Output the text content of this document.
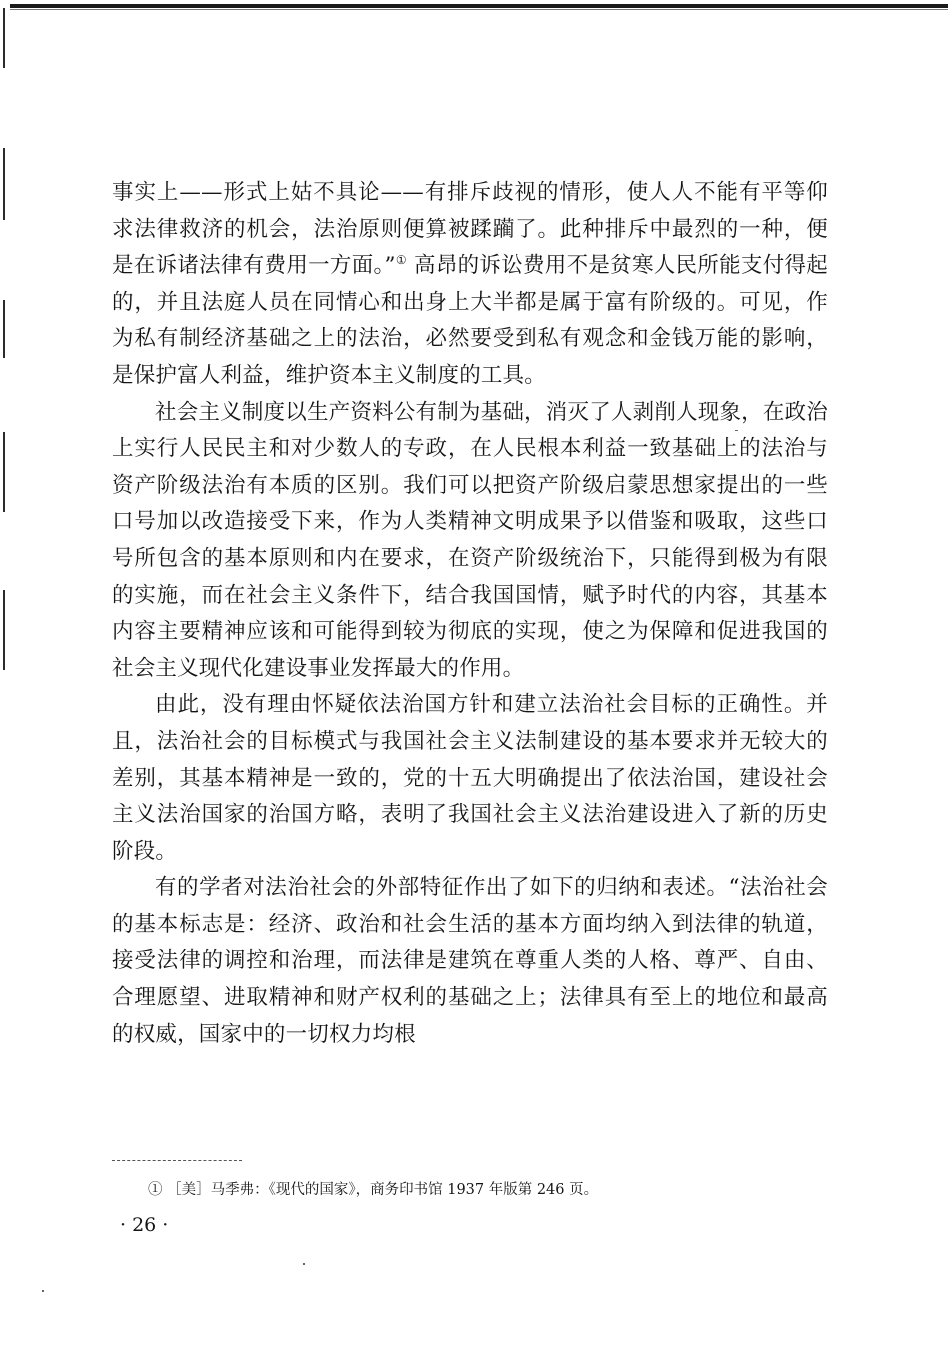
事实上——形式上姑不具论——有排斥歧视的情形，使人人不能有平等仰求法律救济的机会，法治原则便算被蹂躏了。此种排斥中最烈的一种，便是在诉诸法律有费用一方面。”① 高昂的诉讼费用不是贫寒人民所能支付得起的，并且法庭人员在同情心和出身上大半都是属于富有阶级的。可见，作为私有制经济基础之上的法治，必然要受到私有观念和金钱万能的影响，是保护富人利益，维护资本主义制度的工具。

社会主义制度以生产资料公有制为基础，消灭了人剥削人现象，在政治上实行人民民主和对少数人的专政，在人民根本利益一致基础上的法治与资产阶级法治有本质的区别。我们可以把资产阶级启蒙思想家提出的一些口号加以改造接受下来，作为人类精神文明成果予以借鉴和吸取，这些口号所包含的基本原则和内在要求，在资产阶级统治下，只能得到极为有限的实施，而在社会主义条件下，结合我国国情，赋予时代的内容，其基本内容主要精神应该和可能得到较为彻底的实现，使之为保障和促进我国的社会主义现代化建设事业发挥最大的作用。

由此，没有理由怀疑依法治国方针和建立法治社会目标的正确性。并且，法治社会的目标模式与我国社会主义法制建设的基本要求并无较大的差别，其基本精神是一致的，党的十五大明确提出了依法治国，建设社会主义法治国家的治国方略，表明了我国社会主义法治建设进入了新的历史阶段。

有的学者对法治社会的外部特征作出了如下的归纳和表述。“法治社会的基本标志是：经济、政治和社会生活的基本方面均纳入到法律的轨道，接受法律的调控和治理，而法律是建筑在尊重人类的人格、尊严、自由、合理愿望、进取精神和财产权利的基础之上；法律具有至上的地位和最高的权威，国家中的一切权力均根

① ［美］马季弗：《现代的国家》，商务印书馆 1937 年版第 246 页。
· 26 ·
